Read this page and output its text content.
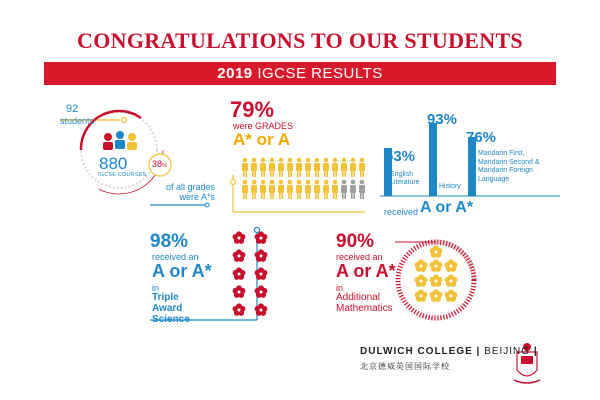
CONGRATULATIONS TO OUR STUDENTS
2019 IGCSE RESULTS
92
students
880
IGCSE COURSES
38%
of all grades
were A*s
79%
were GRADES
A* or A
53%
English
Literature
93%
History
76%
Mandarin First,
Mandarin Second &
Mandarin Foreign
Language
received A or A*
98%
received an
A or A*
in
Triple
Award
Science
90%
received an
A or A*
in
Additional
Mathematics
DULWICH COLLEGE | BEIJING |
北京德威英国国际学校
